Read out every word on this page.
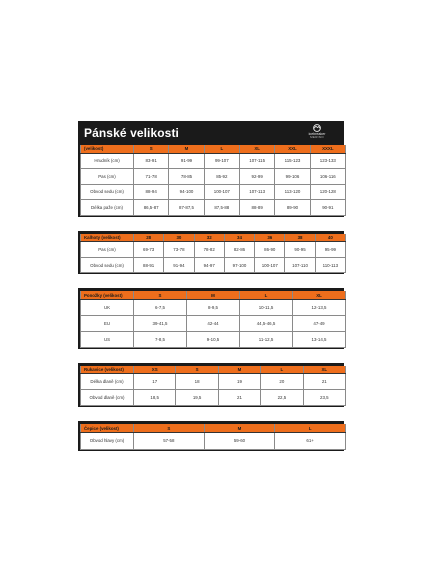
Pánské velikosti	icebreaker
MERINO
(velikost)	S	M	L	XL	XXL	XXXL
Hrudník (cm)	83-91	91-99	99-107	107-115	115-123	123-133
Pas (cm)	71-78	78-85	85-92	92-99	99-106	106-116
Obvod sedu (cm)	88-94	94-100	100-107	107-113	113-120	120-128
Délka paže (cm)	86,5-87	87-87,5	87,5-88	88-89	89-90	90-91
Kalhoty (velikost)	28	30	32	34	36	38	40
Pas (cm)	69-73	73-78	78-82	82-86	86-90	90-95	95-99
Obvod sedu (cm)	88-91	91-94	94-97	97-100	100-107	107-110	110-113
Ponožky (velikost)	S	M	L	XL
UK	6-7,5	8-9,5	10-11,5	12-13,5
EU	39-41,5	42-44	44,5-46,5	47-49
US	7-8,5	9-10,5	11-12,5	13-14,5
Rukavice (velikost)	XS	S	M	L	XL
Délka dlaně (cm)	17	18	19	20	21
Obvod dlaně (cm)	18,5	19,5	21	22,5	23,5
Čepice (velikost)	S	M	L
Obvod hlavy (cm)	57-58	59-60	61+
